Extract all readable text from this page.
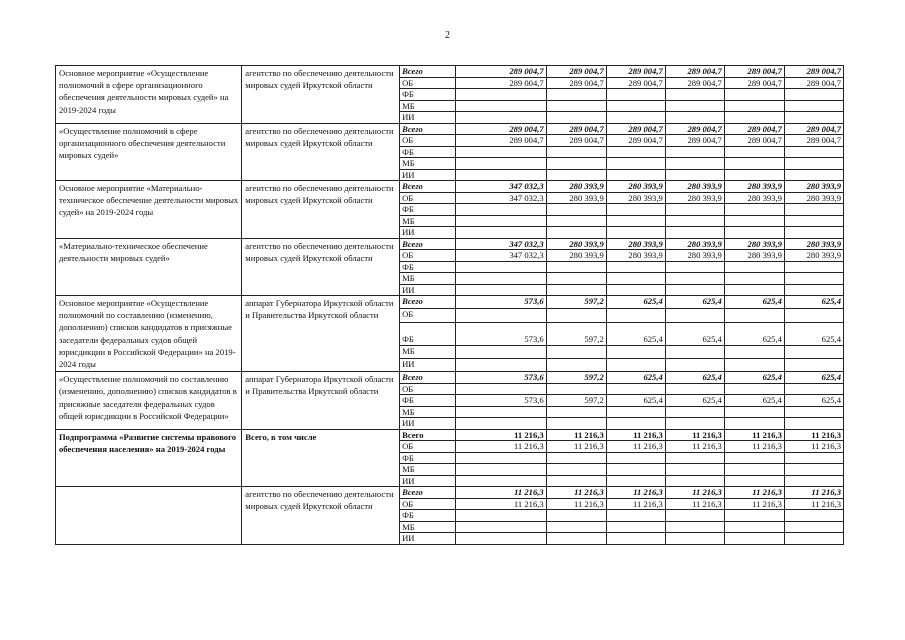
2
Основное мероприятие «Осуществление полномочий в сфере организационного обеспечения деятельности мировых судей» на 2019-2024 годы	агентство по обеспечению деятельности мировых судей Иркутской области	Всего	289 004,7	289 004,7	289 004,7	289 004,7	289 004,7	289 004,7
		ОБ	289 004,7	289 004,7	289 004,7	289 004,7	289 004,7	289 004,7
		ФБ						
		МБ						
		ИИ						
«Осуществление полномочий в сфере организационного обеспечения деятельности мировых судей»	агентство по обеспечению деятельности мировых судей Иркутской области	Всего	289 004,7	289 004,7	289 004,7	289 004,7	289 004,7	289 004,7
		ОБ	289 004,7	289 004,7	289 004,7	289 004,7	289 004,7	289 004,7
		ФБ						
		МБ						
		ИИ						
Основное мероприятие «Материально-техническое обеспечение деятельности мировых судей» на 2019-2024 годы	агентство по обеспечению деятельности мировых судей Иркутской области	Всего	347 032,3	280 393,9	280 393,9	280 393,9	280 393,9	280 393,9
		ОБ	347 032,3	280 393,9	280 393,9	280 393,9	280 393,9	280 393,9
		ФБ						
		МБ						
		ИИ						
«Материально-техническое обеспечение деятельности мировых судей»	агентство по обеспечению деятельности мировых судей Иркутской области	Всего	347 032,3	280 393,9	280 393,9	280 393,9	280 393,9	280 393,9
		ОБ	347 032,3	280 393,9	280 393,9	280 393,9	280 393,9	280 393,9
		ФБ						
		МБ						
		ИИ						
Основное мероприятие «Осуществление полномочий по составлению (изменению, дополнению) списков кандидатов в присяжные заседатели федеральных судов общей юрисдикции в Российской Федерации» на 2019-2024 годы	аппарат Губернатора Иркутской области и Правительства Иркутской области	Всего	573,6	597,2	625,4	625,4	625,4	625,4
		ОБ						
		ФБ	573,6	597,2	625,4	625,4	625,4	625,4
		МБ						
		ИИ						
«Осуществление полномочий по составлению (изменению, дополнению) списков кандидатов в присяжные заседатели федеральных судов общей юрисдикции в Российской Федерации»	аппарат Губернатора Иркутской области и Правительства Иркутской области	Всего	573,6	597,2	625,4	625,4	625,4	625,4
		ОБ						
		ФБ	573,6	597,2	625,4	625,4	625,4	625,4
		МБ						
		ИИ						
Подпрограмма «Развитие системы правового обеспечения населения» на 2019-2024 годы	Всего, в том числе	Всего	11 216,3	11 216,3	11 216,3	11 216,3	11 216,3	11 216,3
		ОБ	11 216,3	11 216,3	11 216,3	11 216,3	11 216,3	11 216,3
		ФБ						
		МБ						
		ИИ						
	агентство по обеспечению деятельности мировых судей Иркутской области	Всего	11 216,3	11 216,3	11 216,3	11 216,3	11 216,3	11 216,3
		ОБ	11 216,3	11 216,3	11 216,3	11 216,3	11 216,3	11 216,3
		ФБ						
		МБ						
		ИИ						
